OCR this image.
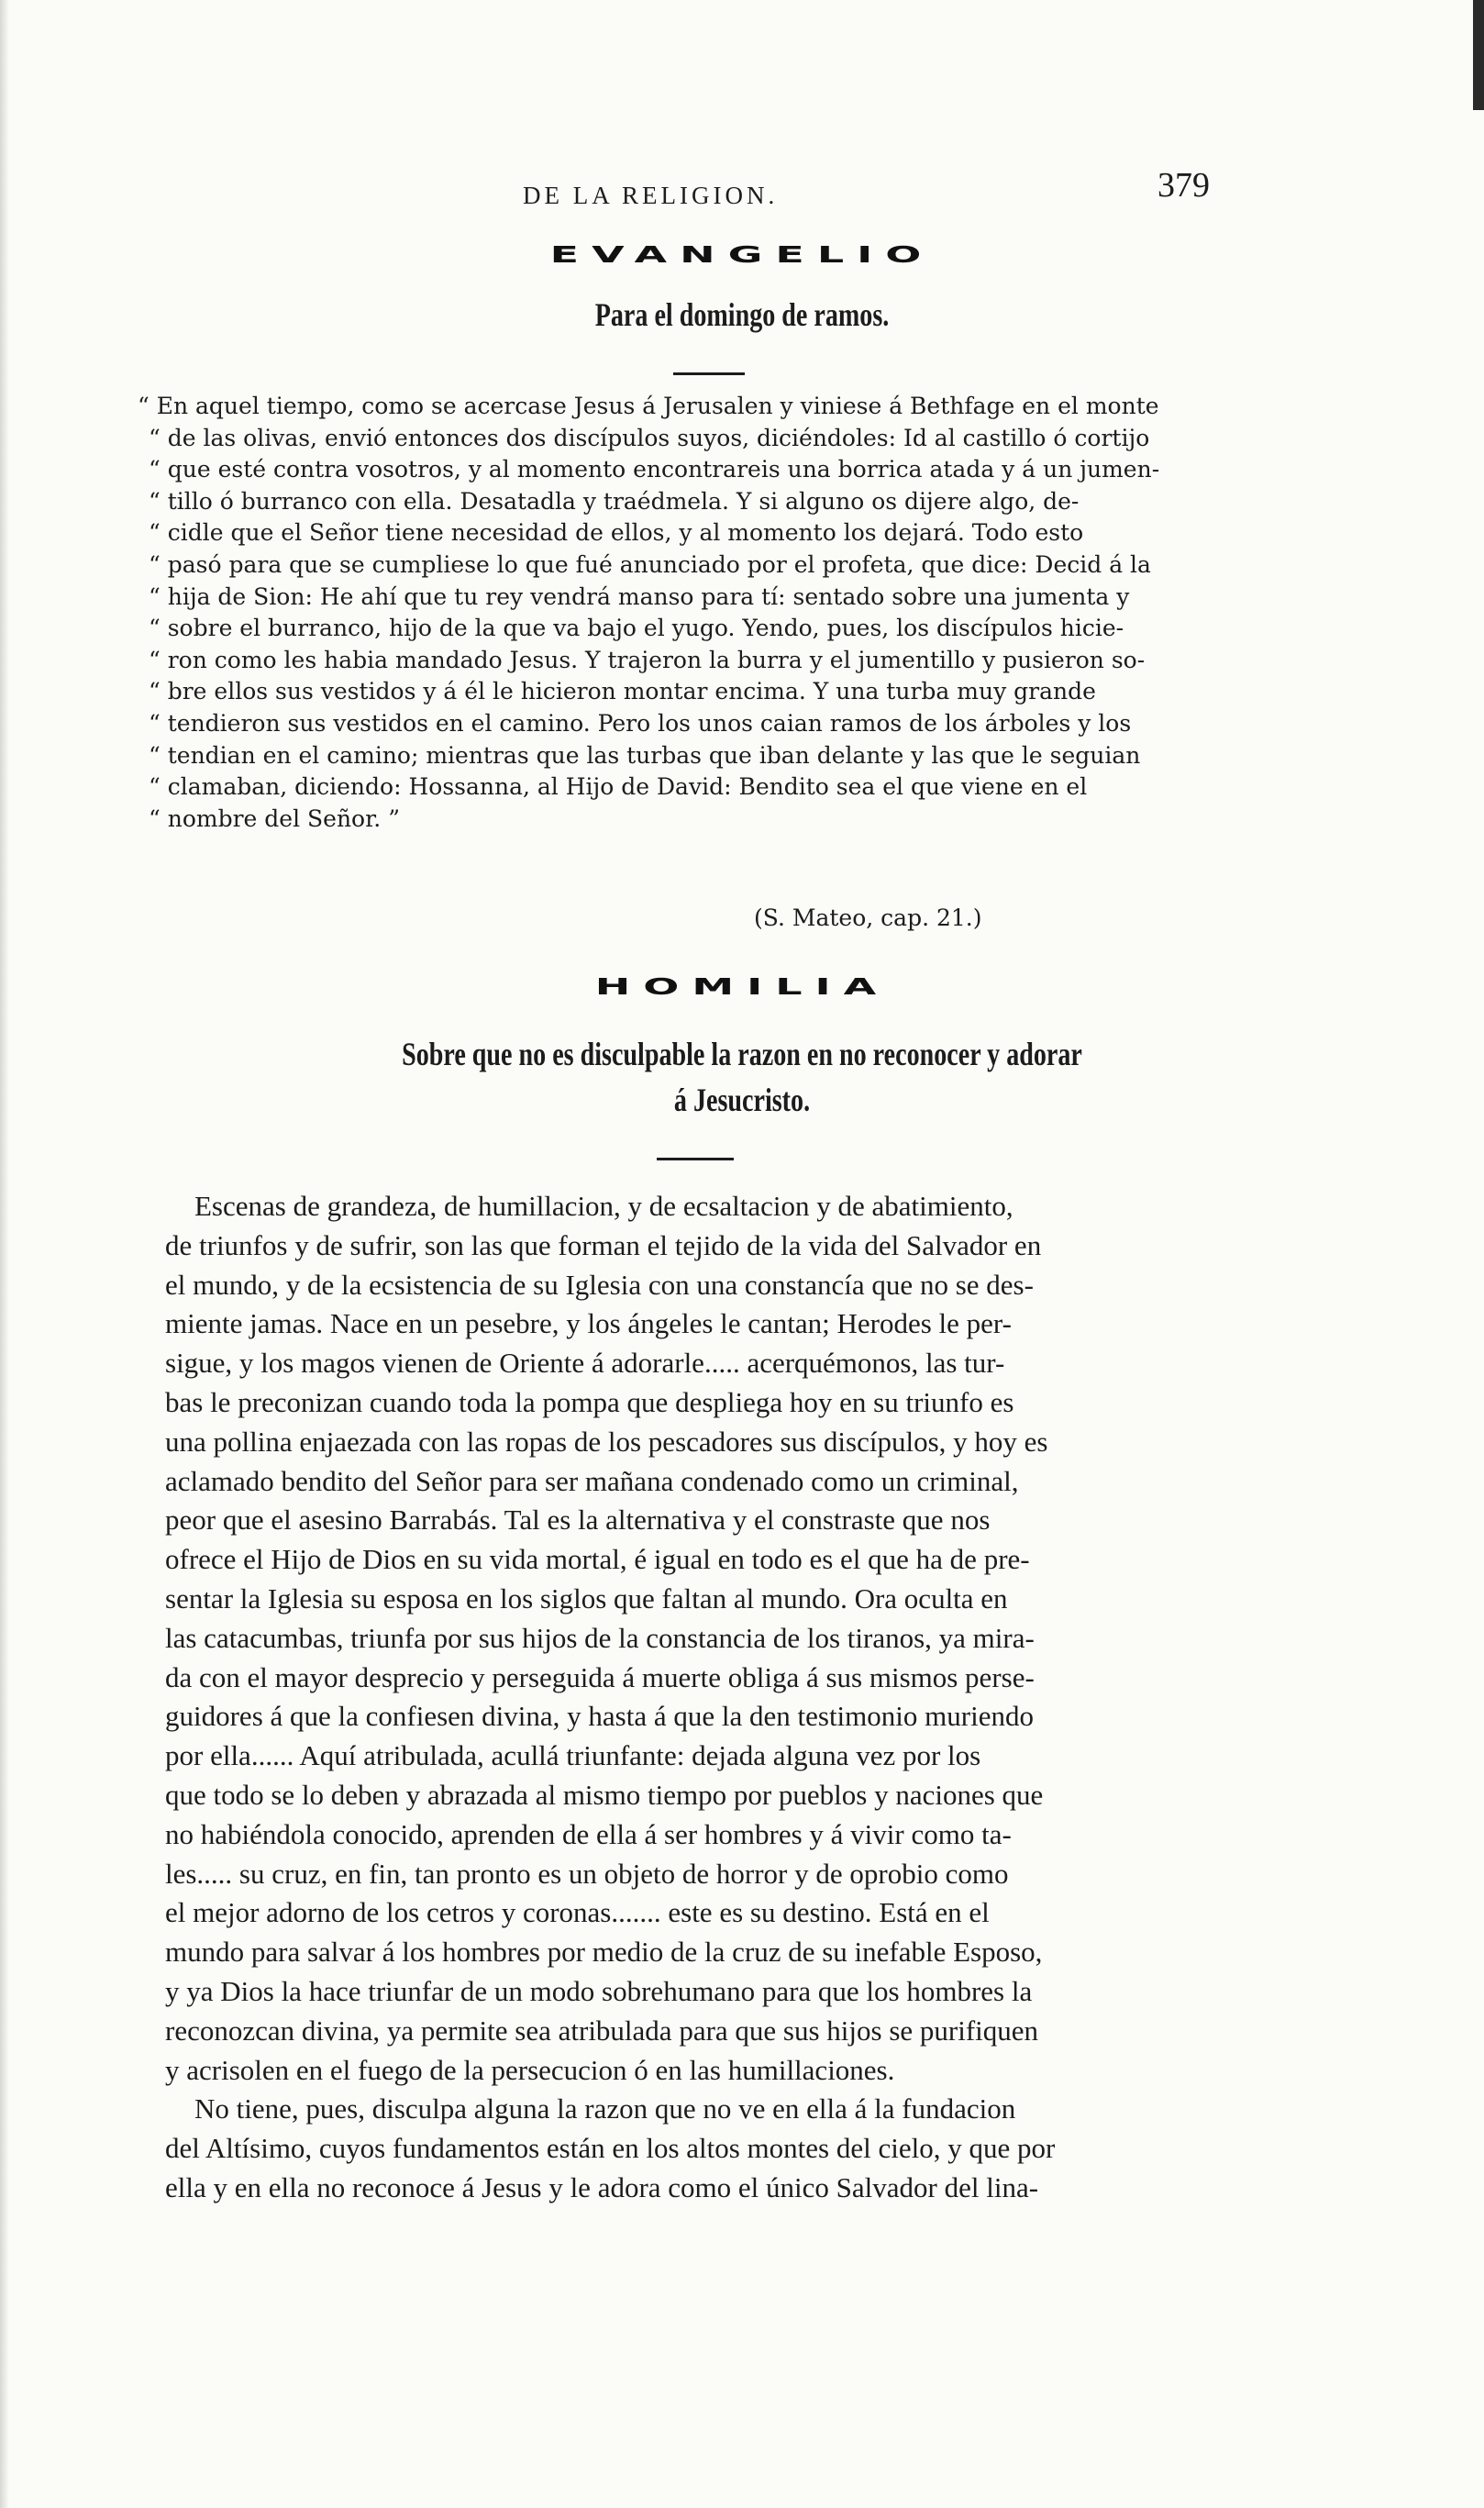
DE LA RELIGION.	379
EVANGELIO
Para el domingo de ramos.
“ En aquel tiempo, como se acercase Jesus á Jerusalen y viniese á Bethfage en el monte
“ de las olivas, envió entonces dos discípulos suyos, diciéndoles: Id al castillo ó cortijo
“ que esté contra vosotros, y al momento encontrareis una borrica atada y á un jumen-
“ tillo ó burranco con ella. Desatadla y traédmela. Y si alguno os dijere algo, de-
“ cidle que el Señor tiene necesidad de ellos, y al momento los dejará. Todo esto
“ pasó para que se cumpliese lo que fué anunciado por el profeta, que dice: Decid á la
“ hija de Sion: He ahí que tu rey vendrá manso para tí: sentado sobre una jumenta y
“ sobre el burranco, hijo de la que va bajo el yugo. Yendo, pues, los discípulos hicie-
“ ron como les habia mandado Jesus. Y trajeron la burra y el jumentillo y pusieron so-
“ bre ellos sus vestidos y á él le hicieron montar encima. Y una turba muy grande
“ tendieron sus vestidos en el camino. Pero los unos caian ramos de los árboles y los
“ tendian en el camino; mientras que las turbas que iban delante y las que le seguian
“ clamaban, diciendo: Hossanna, al Hijo de David: Bendito sea el que viene en el
“ nombre del Señor. ”
(S. Mateo, cap. 21.)
HOMILIA
Sobre que no es disculpable la razon en no reconocer y adorar
á Jesucristo.
Escenas de grandeza, de humillacion, y de ecsaltacion y de abatimiento,
de triunfos y de sufrir, son las que forman el tejido de la vida del Salvador en
el mundo, y de la ecsistencia de su Iglesia con una constancía que no se des-
miente jamas. Nace en un pesebre, y los ángeles le cantan; Herodes le per-
sigue, y los magos vienen de Oriente á adorarle..... acerquémonos, las tur-
bas le preconizan cuando toda la pompa que despliega hoy en su triunfo es
una pollina enjaezada con las ropas de los pescadores sus discípulos, y hoy es
aclamado bendito del Señor para ser mañana condenado como un criminal,
peor que el asesino Barrabás. Tal es la alternativa y el constraste que nos
ofrece el Hijo de Dios en su vida mortal, é igual en todo es el que ha de pre-
sentar la Iglesia su esposa en los siglos que faltan al mundo. Ora oculta en
las catacumbas, triunfa por sus hijos de la constancia de los tiranos, ya mira-
da con el mayor desprecio y perseguida á muerte obliga á sus mismos perse-
guidores á que la confiesen divina, y hasta á que la den testimonio muriendo
por ella...... Aquí atribulada, acullá triunfante: dejada alguna vez por los
que todo se lo deben y abrazada al mismo tiempo por pueblos y naciones que
no habiéndola conocido, aprenden de ella á ser hombres y á vivir como ta-
les..... su cruz, en fin, tan pronto es un objeto de horror y de oprobio como
el mejor adorno de los cetros y coronas....... este es su destino. Está en el
mundo para salvar á los hombres por medio de la cruz de su inefable Esposo,
y ya Dios la hace triunfar de un modo sobrehumano para que los hombres la
reconozcan divina, ya permite sea atribulada para que sus hijos se purifiquen
y acrisolen en el fuego de la persecucion ó en las humillaciones.
No tiene, pues, disculpa alguna la razon que no ve en ella á la fundacion
del Altísimo, cuyos fundamentos están en los altos montes del cielo, y que por
ella y en ella no reconoce á Jesus y le adora como el único Salvador del lina-
